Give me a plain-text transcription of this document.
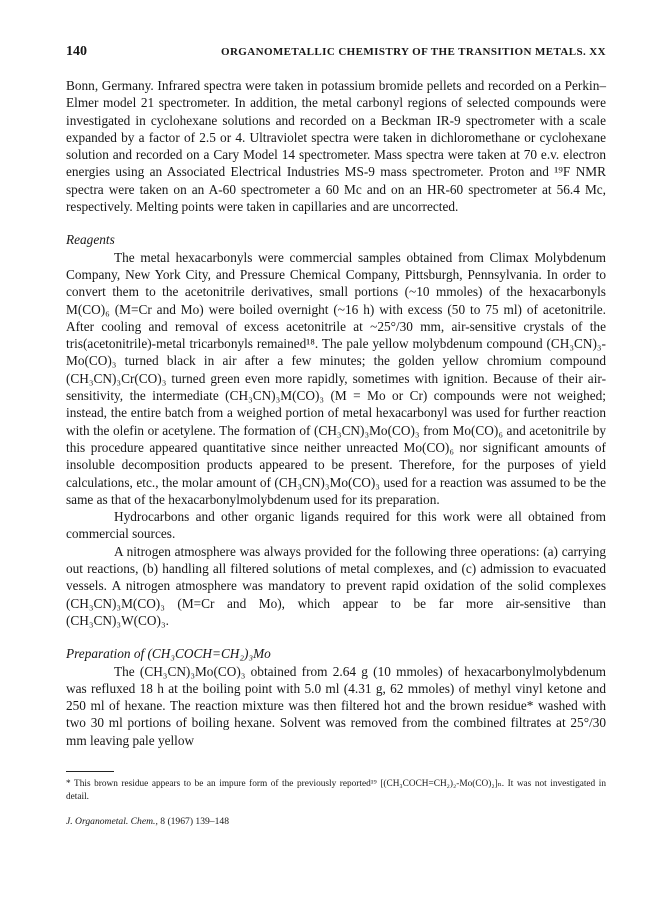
140	ORGANOMETALLIC CHEMISTRY OF THE TRANSITION METALS. XX

Bonn, Germany. Infrared spectra were taken in potassium bromide pellets and recorded on a Perkin–Elmer model 21 spectrometer. In addition, the metal carbonyl regions of selected compounds were investigated in cyclohexane solutions and recorded on a Beckman IR-9 spectrometer with a scale expanded by a factor of 2.5 or 4. Ultraviolet spectra were taken in dichloromethane or cyclohexane solution and recorded on a Cary Model 14 spectrometer. Mass spectra were taken at 70 e.v. electron energies using an Associated Electrical Industries MS-9 mass spectrometer. Proton and ¹⁹F NMR spectra were taken on an A-60 spectrometer a 60 Mc and on an HR-60 spectrometer at 56.4 Mc, respectively. Melting points were taken in capillaries and are uncorrected.

Reagents

The metal hexacarbonyls were commercial samples obtained from Climax Molybdenum Company, New York City, and Pressure Chemical Company, Pittsburgh, Pennsylvania. In order to convert them to the acetonitrile derivatives, small portions (~10 mmoles) of the hexacarbonyls M(CO)₆ (M=Cr and Mo) were boiled overnight (~16 h) with excess (50 to 75 ml) of acetonitrile. After cooling and removal of excess acetonitrile at ~25°/30 mm, air-sensitive crystals of the tris(acetonitrile)-metal tricarbonyls remained¹⁸. The pale yellow molybdenum compound (CH₃CN)₃-Mo(CO)₃ turned black in air after a few minutes; the golden yellow chromium compound (CH₃CN)₃Cr(CO)₃ turned green even more rapidly, sometimes with ignition. Because of their air-sensitivity, the intermediate (CH₃CN)₃M(CO)₃ (M = Mo or Cr) compounds were not weighed; instead, the entire batch from a weighed portion of metal hexacarbonyl was used for further reaction with the olefin or acetylene. The formation of (CH₃CN)₃Mo(CO)₃ from Mo(CO)₆ and acetonitrile by this procedure appeared quantitative since neither unreacted Mo(CO)₆ nor significant amounts of insoluble decomposition products appeared to be present. Therefore, for the purposes of yield calculations, etc., the molar amount of (CH₃CN)₃Mo(CO)₃ used for a reaction was assumed to be the same as that of the hexacarbonylmolybdenum used for its preparation.

Hydrocarbons and other organic ligands required for this work were all obtained from commercial sources.

A nitrogen atmosphere was always provided for the following three operations: (a) carrying out reactions, (b) handling all filtered solutions of metal complexes, and (c) admission to evacuated vessels. A nitrogen atmosphere was mandatory to prevent rapid oxidation of the solid complexes (CH₃CN)₃M(CO)₃ (M=Cr and Mo), which appear to be far more air-sensitive than (CH₃CN)₃W(CO)₃.

Preparation of (CH₃COCH=CH₂)₃Mo

The (CH₃CN)₃Mo(CO)₃ obtained from 2.64 g (10 mmoles) of hexacarbonylmolybdenum was refluxed 18 h at the boiling point with 5.0 ml (4.31 g, 62 mmoles) of methyl vinyl ketone and 250 ml of hexane. The reaction mixture was then filtered hot and the brown residue* washed with two 30 ml portions of boiling hexane. Solvent was removed from the combined filtrates at 25°/30 mm leaving pale yellow

* This brown residue appears to be an impure form of the previously reported¹⁹ [(CH₃COCH=CH₂)₂-Mo(CO)₂]ₙ. It was not investigated in detail.

J. Organometal. Chem., 8 (1967) 139–148
